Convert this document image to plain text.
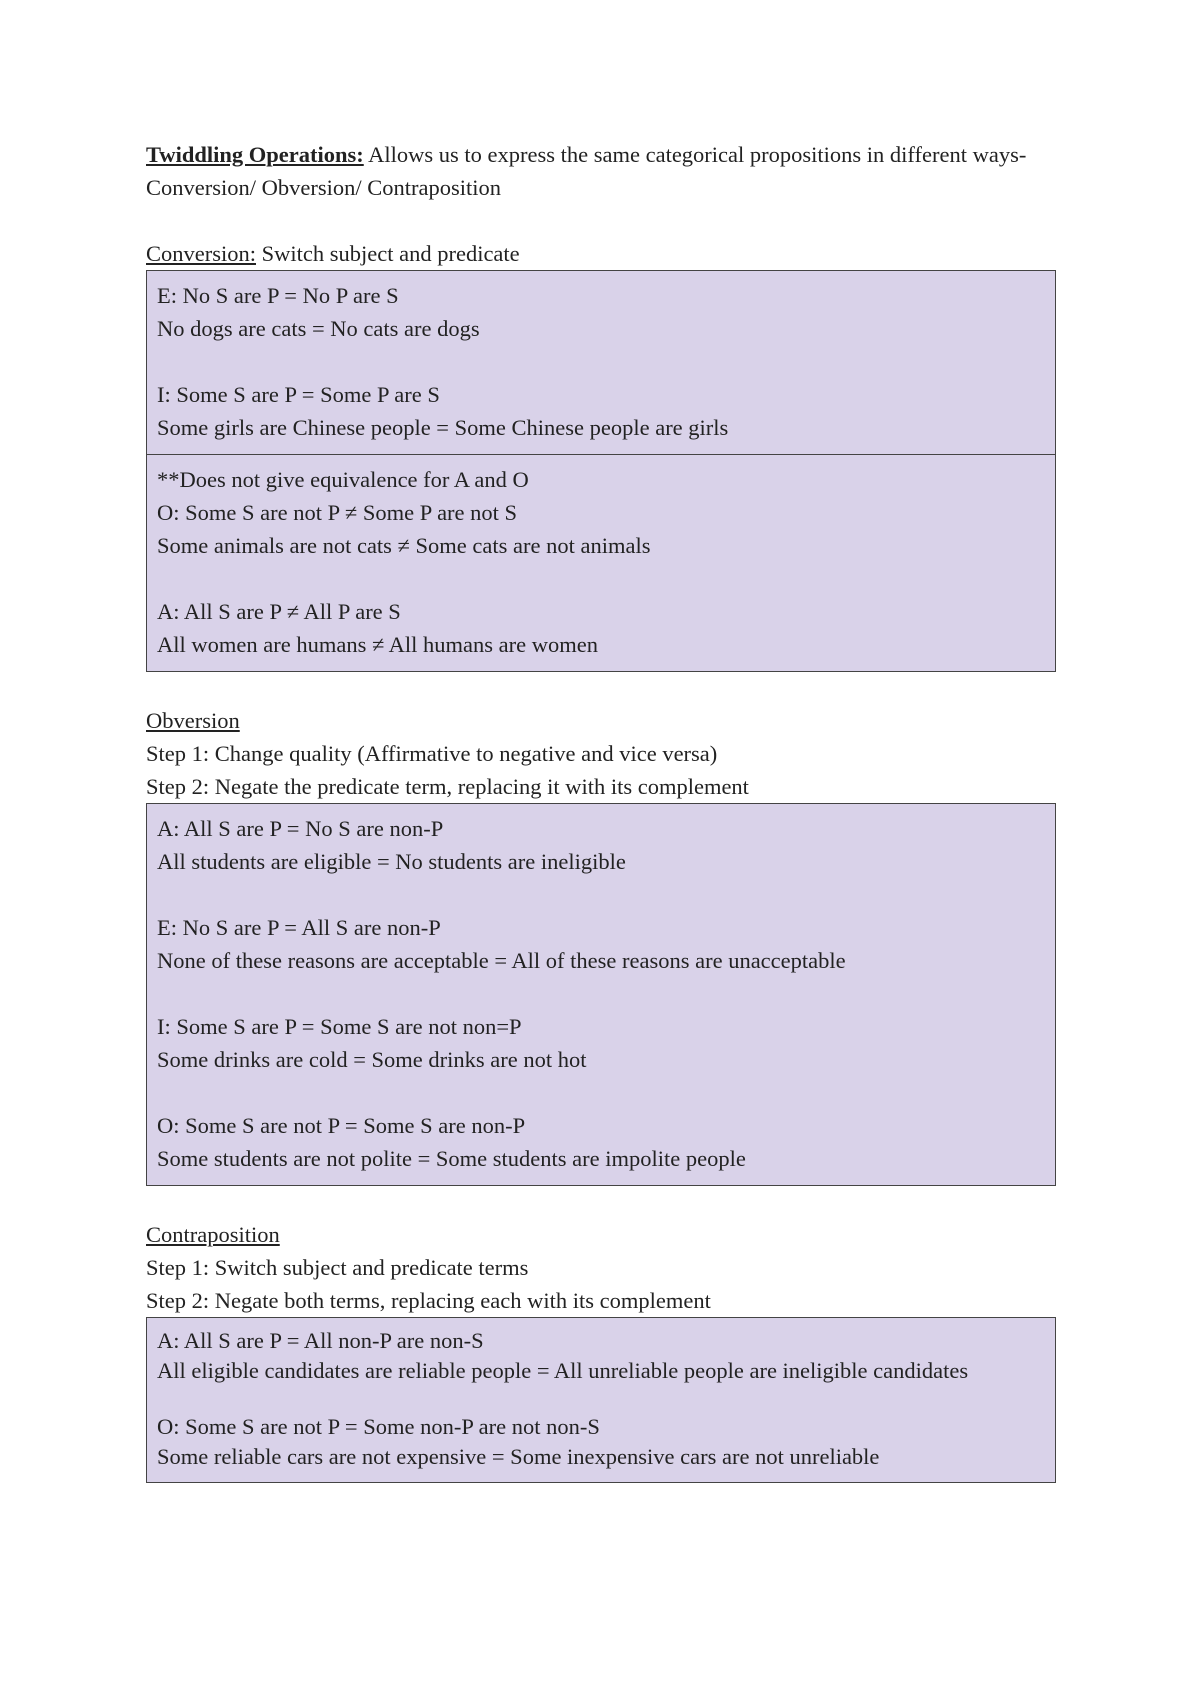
Twiddling Operations: Allows us to express the same categorical propositions in different ways- Conversion/ Obversion/ Contraposition

Conversion: Switch subject and predicate

E: No S are P = No P are S

No dogs are cats = No cats are dogs

I: Some S are P = Some P are S

Some girls are Chinese people = Some Chinese people are girls

**Does not give equivalence for A and O

O: Some S are not P ≠ Some P are not S

Some animals are not cats ≠ Some cats are not animals

A: All S are P ≠ All P are S

All women are humans ≠ All humans are women

Obversion

Step 1: Change quality (Affirmative to negative and vice versa)

Step 2: Negate the predicate term, replacing it with its complement

A: All S are P = No S are non-P

All students are eligible = No students are ineligible

E: No S are P = All S are non-P

None of these reasons are acceptable = All of these reasons are unacceptable

I: Some S are P = Some S are not non=P

Some drinks are cold = Some drinks are not hot

O: Some S are not P = Some S are non-P

Some students are not polite = Some students are impolite people

Contraposition

Step 1: Switch subject and predicate terms

Step 2: Negate both terms, replacing each with its complement

A: All S are P = All non-P are non-S

All eligible candidates are reliable people = All unreliable people are ineligible candidates

O: Some S are not P = Some non-P are not non-S

Some reliable cars are not expensive = Some inexpensive cars are not unreliable
